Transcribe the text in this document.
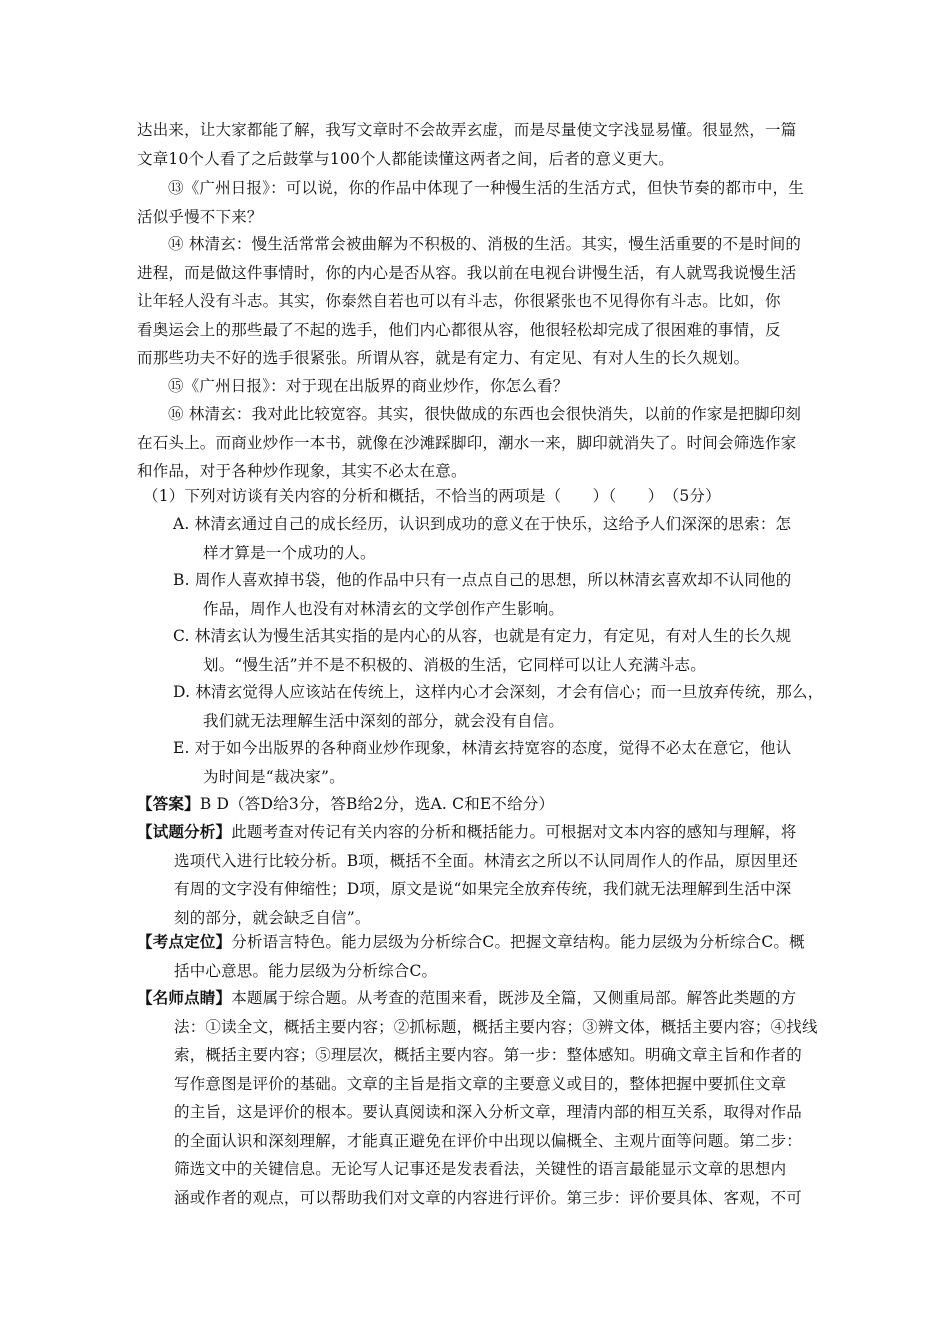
达出来，让大家都能了解，我写文章时不会故弄玄虚，而是尽量使文字浅显易懂。很显然，一篇
文章10个人看了之后鼓掌与100个人都能读懂这两者之间，后者的意义更大。

⑬《广州日报》：可以说，你的作品中体现了一种慢生活的生活方式，但快节奏的都市中，生
活似乎慢不下来？

⑭ 林清玄：慢生活常常会被曲解为不积极的、消极的生活。其实，慢生活重要的不是时间的
进程，而是做这件事情时，你的内心是否从容。我以前在电视台讲慢生活，有人就骂我说慢生活
让年轻人没有斗志。其实，你泰然自若也可以有斗志，你很紧张也不见得你有斗志。比如，你
看奥运会上的那些最了不起的选手，他们内心都很从容，他很轻松却完成了很困难的事情，反
而那些功夫不好的选手很紧张。所谓从容，就是有定力、有定见、有对人生的长久规划。

⑮《广州日报》：对于现在出版界的商业炒作，你怎么看？

⑯ 林清玄：我对此比较宽容。其实，很快做成的东西也会很快消失，以前的作家是把脚印刻
在石头上。而商业炒作一本书，就像在沙滩踩脚印，潮水一来，脚印就消失了。时间会筛选作家
和作品，对于各种炒作现象，其实不必太在意。

（1）下列对访谈有关内容的分析和概括，不恰当的两项是（　　）（　　）　（5分）

A. 林清玄通过自己的成长经历，认识到成功的意义在于快乐，这给予人们深深的思索：怎
样才算是一个成功的人。
B. 周作人喜欢掉书袋，他的作品中只有一点点自己的思想，所以林清玄喜欢却不认同他的
作品，周作人也没有对林清玄的文学创作产生影响。
C. 林清玄认为慢生活其实指的是内心的从容，也就是有定力，有定见，有对人生的长久规
划。“慢生活”并不是不积极的、消极的生活，它同样可以让人充满斗志。
D. 林清玄觉得人应该站在传统上，这样内心才会深刻，才会有信心；而一旦放弃传统，那么，
我们就无法理解生活中深刻的部分，就会没有自信。
E. 对于如今出版界的各种商业炒作现象，林清玄持宽容的态度，觉得不必太在意它，他认
为时间是“裁决家”。
【答案】B D（答D给3分，答B给2分，选A. C和E不给分）
【试题分析】此题考查对传记有关内容的分析和概括能力。可根据对文本内容的感知与理解，将
选项代入进行比较分析。B项，概括不全面。林清玄之所以不认同周作人的作品，原因里还
有周的文字没有伸缩性；D项，原文是说“如果完全放弃传统，我们就无法理解到生活中深
刻的部分，就会缺乏自信”。
【考点定位】分析语言特色。能力层级为分析综合C。把握文章结构。能力层级为分析综合C。概
括中心意思。能力层级为分析综合C。
【名师点睛】本题属于综合题。从考查的范围来看，既涉及全篇，又侧重局部。解答此类题的方
法：①读全文，概括主要内容；②抓标题，概括主要内容；③辨文体，概括主要内容；④找线
索，概括主要内容；⑤理层次，概括主要内容。第一步：整体感知。明确文章主旨和作者的
写作意图是评价的基础。文章的主旨是指文章的主要意义或目的，整体把握中要抓住文章
的主旨，这是评价的根本。要认真阅读和深入分析文章，理清内部的相互关系，取得对作品
的全面认识和深刻理解，才能真正避免在评价中出现以偏概全、主观片面等问题。第二步：
筛选文中的关键信息。无论写人记事还是发表看法，关键性的语言最能显示文章的思想内
涵或作者的观点，可以帮助我们对文章的内容进行评价。第三步：评价要具体、客观，不可
